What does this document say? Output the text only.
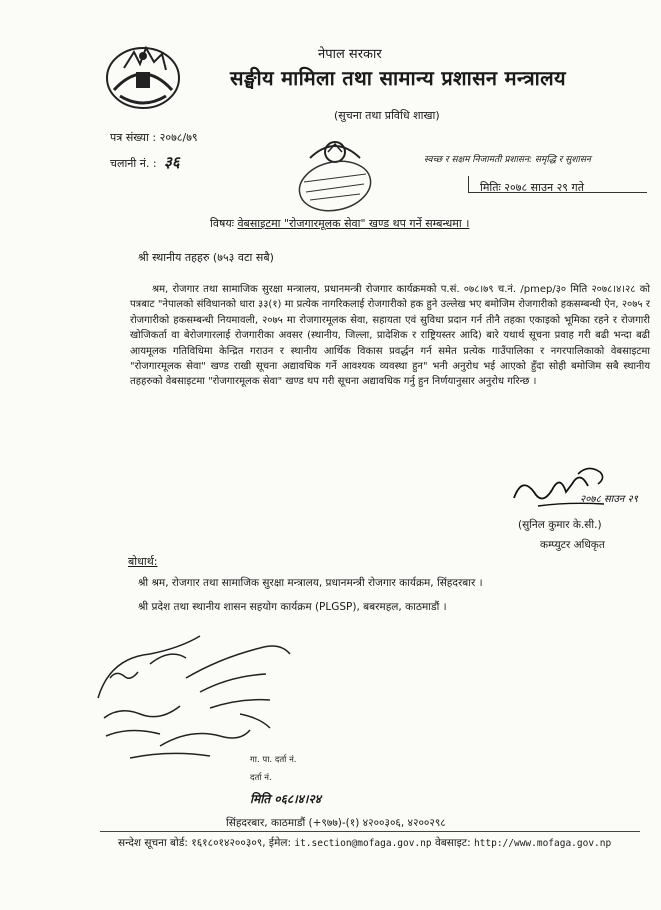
नेपाल सरकार
सङ्घीय मामिला तथा सामान्य प्रशासन मन्त्रालय
(सुचना तथा प्रविधि शाखा)
पत्र संख्या : २०७८/७९
चलानी नं. : ३६	स्वच्छ र सक्षम निजामती प्रशासन: समृद्धि र सुशासन
मितिः २०७८ साउन २९ गते
विषयः वेबसाइटमा "रोजगारमूलक सेवा" खण्ड थप गर्ने सम्बन्धमा ।
श्री स्थानीय तहहरु (७५३ वटा सबै)

श्रम, रोजगार तथा सामाजिक सुरक्षा मन्त्रालय, प्रधानमन्त्री रोजगार कार्यक्रमको प.सं. ०७८।७९ च.नं. /pmep/३० मिति २०७८।४।२८ को पत्रबाट "नेपालको संविधानको धारा ३३(१) मा प्रत्येक नागरिकलाई रोजगारीको हक हुने उल्लेख भए बमोजिम रोजगारीको हकसम्बन्धी ऐन, २०७५ र रोजगारीको हकसम्बन्धी नियमावली, २०७५ मा रोजगारमूलक सेवा, सहायता एवं सुविधा प्रदान गर्न तीनै तहका एकाइको भूमिका रहने र रोजगारी खोजिकर्ता वा बेरोजगारलाई रोजगारीका अवसर (स्थानीय, जिल्ला, प्रादेशिक र राष्ट्रियस्तर आदि) बारे यथार्थ सूचना प्रवाह गरी बढी भन्दा बढी आयमूलक गतिविधिमा केन्द्रित गराउन र स्थानीय आर्थिक विकास प्रवर्द्धन गर्न समेत प्रत्येक गाउँपालिका र नगरपालिकाको वेबसाइटमा "रोजगारमूलक सेवा" खण्ड राखी सूचना अद्यावधिक गर्ने आवश्यक व्यवस्था हुन" भनी अनुरोध भई आएको हुँदा सोही बमोजिम सबै स्थानीय तहहरुको वेबसाइटमा "रोजगारमूलक सेवा" खण्ड थप गरी सूचना अद्यावधिक गर्नु हुन निर्णयानुसार अनुरोध गरिन्छ ।

२०७८ साउन २९
(सुनिल कुमार के.सी.)
कम्प्युटर अधिकृत
बोधार्थ:
श्री श्रम, रोजगार तथा सामाजिक सुरक्षा मन्त्रालय, प्रधानमन्त्री रोजगार कार्यक्रम, सिंहदरबार ।
श्री प्रदेश तथा स्थानीय शासन सहयोग कार्यक्रम (PLGSP), बबरमहल, काठमाडौं ।
गा. पा. दर्ता नं.
दर्ता नं.
मिति ०६८।४।२४
सिंहदरबार, काठमाडौं (+९७७)-(१) ४२००३०६, ४२००२९८
सन्देश सूचना बोर्ड: १६१८०१४२००३०९, ईमेल: it.section@mofaga.gov.np वेबसाइट: http://www.mofaga.gov.np
